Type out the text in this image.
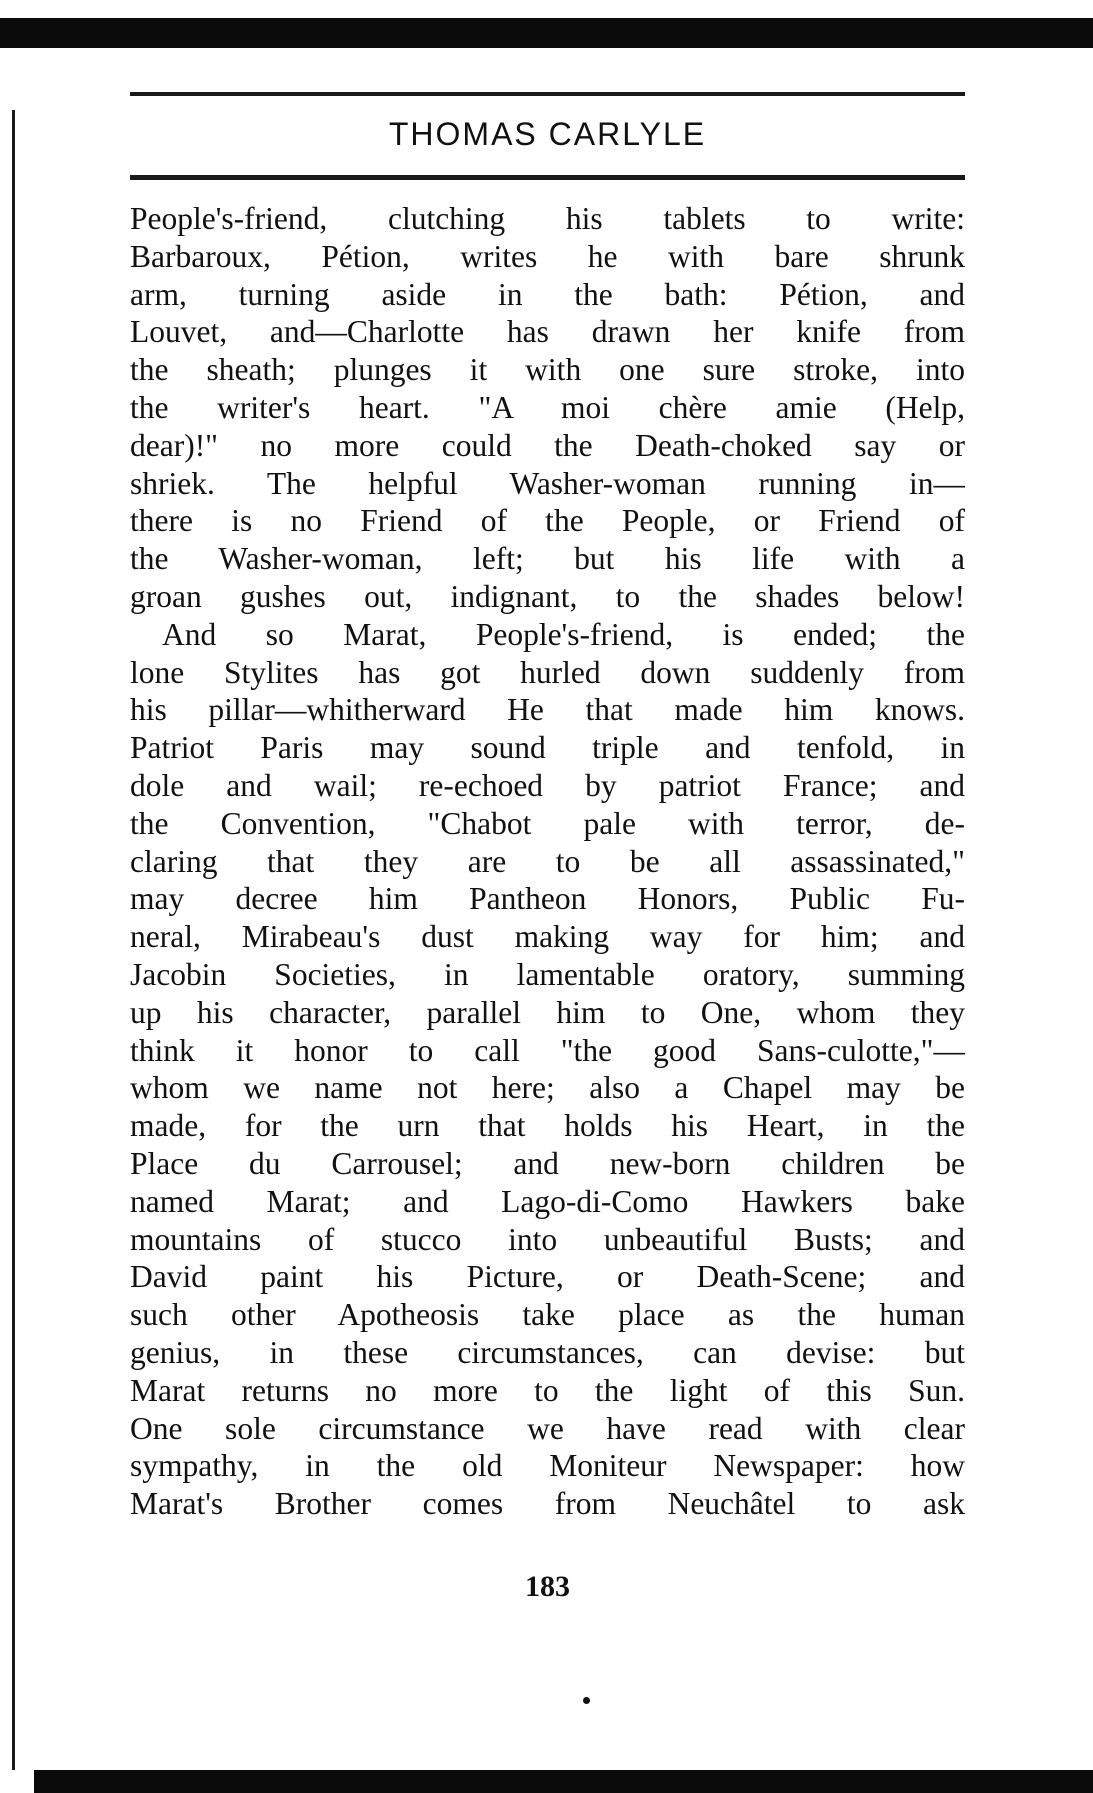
THOMAS CARLYLE
People's-friend, clutching his tablets to write:
Barbaroux, Pétion, writes he with bare shrunk
arm, turning aside in the bath: Pétion, and
Louvet, and—Charlotte has drawn her knife from
the sheath; plunges it with one sure stroke, into
the writer's heart. "A moi chère amie (Help,
dear)!" no more could the Death-choked say or
shriek. The helpful Washer-woman running in—
there is no Friend of the People, or Friend of
the Washer-woman, left; but his life with a
groan gushes out, indignant, to the shades below!
And so Marat, People's-friend, is ended; the
lone Stylites has got hurled down suddenly from
his pillar—whitherward He that made him knows.
Patriot Paris may sound triple and tenfold, in
dole and wail; re-echoed by patriot France; and
the Convention, "Chabot pale with terror, de-
claring that they are to be all assassinated,"
may decree him Pantheon Honors, Public Fu-
neral, Mirabeau's dust making way for him; and
Jacobin Societies, in lamentable oratory, summing
up his character, parallel him to One, whom they
think it honor to call "the good Sans-culotte,"—
whom we name not here; also a Chapel may be
made, for the urn that holds his Heart, in the
Place du Carrousel; and new-born children be
named Marat; and Lago-di-Como Hawkers bake
mountains of stucco into unbeautiful Busts; and
David paint his Picture, or Death-Scene; and
such other Apotheosis take place as the human
genius, in these circumstances, can devise: but
Marat returns no more to the light of this Sun.
One sole circumstance we have read with clear
sympathy, in the old Moniteur Newspaper: how
Marat's Brother comes from Neuchâtel to ask
183
